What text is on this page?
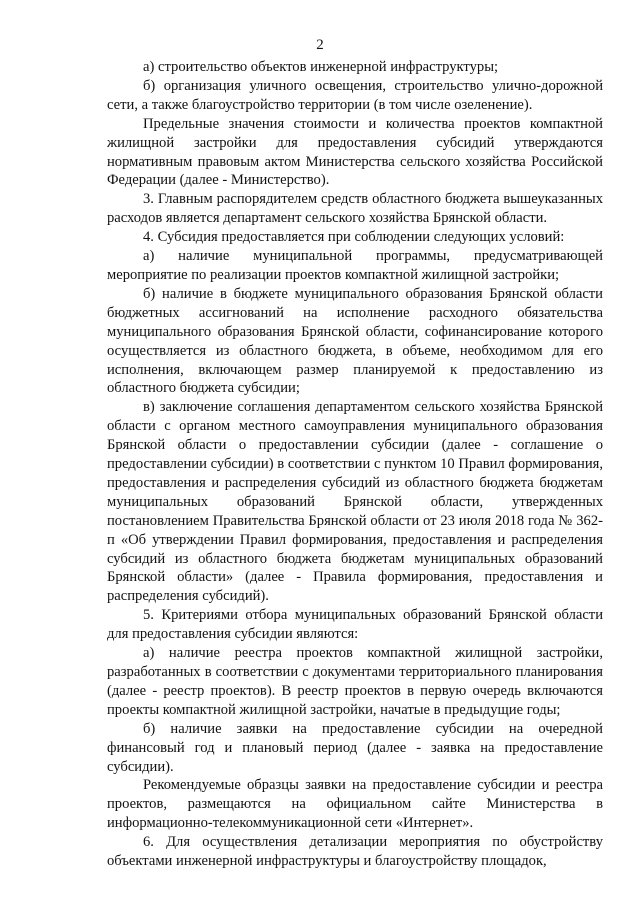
2

а) строительство объектов инженерной инфраструктуры;

б) организация уличного освещения, строительство улично-дорожной сети, а также благоустройство территории (в том числе озеленение).

Предельные значения стоимости и количества проектов компактной жилищной застройки для предоставления субсидий утверждаются нормативным правовым актом Министерства сельского хозяйства Российской Федерации (далее - Министерство).

3. Главным распорядителем средств областного бюджета вышеуказанных расходов является департамент сельского хозяйства Брянской области.

4. Субсидия предоставляется при соблюдении следующих условий:

а) наличие муниципальной программы, предусматривающей мероприятие по реализации проектов компактной жилищной застройки;

б) наличие в бюджете муниципального образования Брянской области бюджетных ассигнований на исполнение расходного обязательства муниципального образования Брянской области, софинансирование которого осуществляется из областного бюджета, в объеме, необходимом для его исполнения, включающем размер планируемой к предоставлению из областного бюджета субсидии;

в) заключение соглашения департаментом сельского хозяйства Брянской области с органом местного самоуправления муниципального образования Брянской области о предоставлении субсидии (далее - соглашение о предоставлении субсидии) в соответствии с пунктом 10 Правил формирования, предоставления и распределения субсидий из областного бюджета бюджетам муниципальных образований Брянской области, утвержденных постановлением Правительства Брянской области от 23 июля 2018 года № 362-п «Об утверждении Правил формирования, предоставления и распределения субсидий из областного бюджета бюджетам муниципальных образований Брянской области» (далее - Правила формирования, предоставления и распределения субсидий).

5. Критериями отбора муниципальных образований Брянской области для предоставления субсидии являются:

а) наличие реестра проектов компактной жилищной застройки, разработанных в соответствии с документами территориального планирования (далее - реестр проектов). В реестр проектов в первую очередь включаются проекты компактной жилищной застройки, начатые в предыдущие годы;

б) наличие заявки на предоставление субсидии на очередной финансовый год и плановый период (далее - заявка на предоставление субсидии).

Рекомендуемые образцы заявки на предоставление субсидии и реестра проектов, размещаются на официальном сайте Министерства в информационно-телекоммуникационной сети «Интернет».

6. Для осуществления детализации мероприятия по обустройству объектами инженерной инфраструктуры и благоустройству площадок,
